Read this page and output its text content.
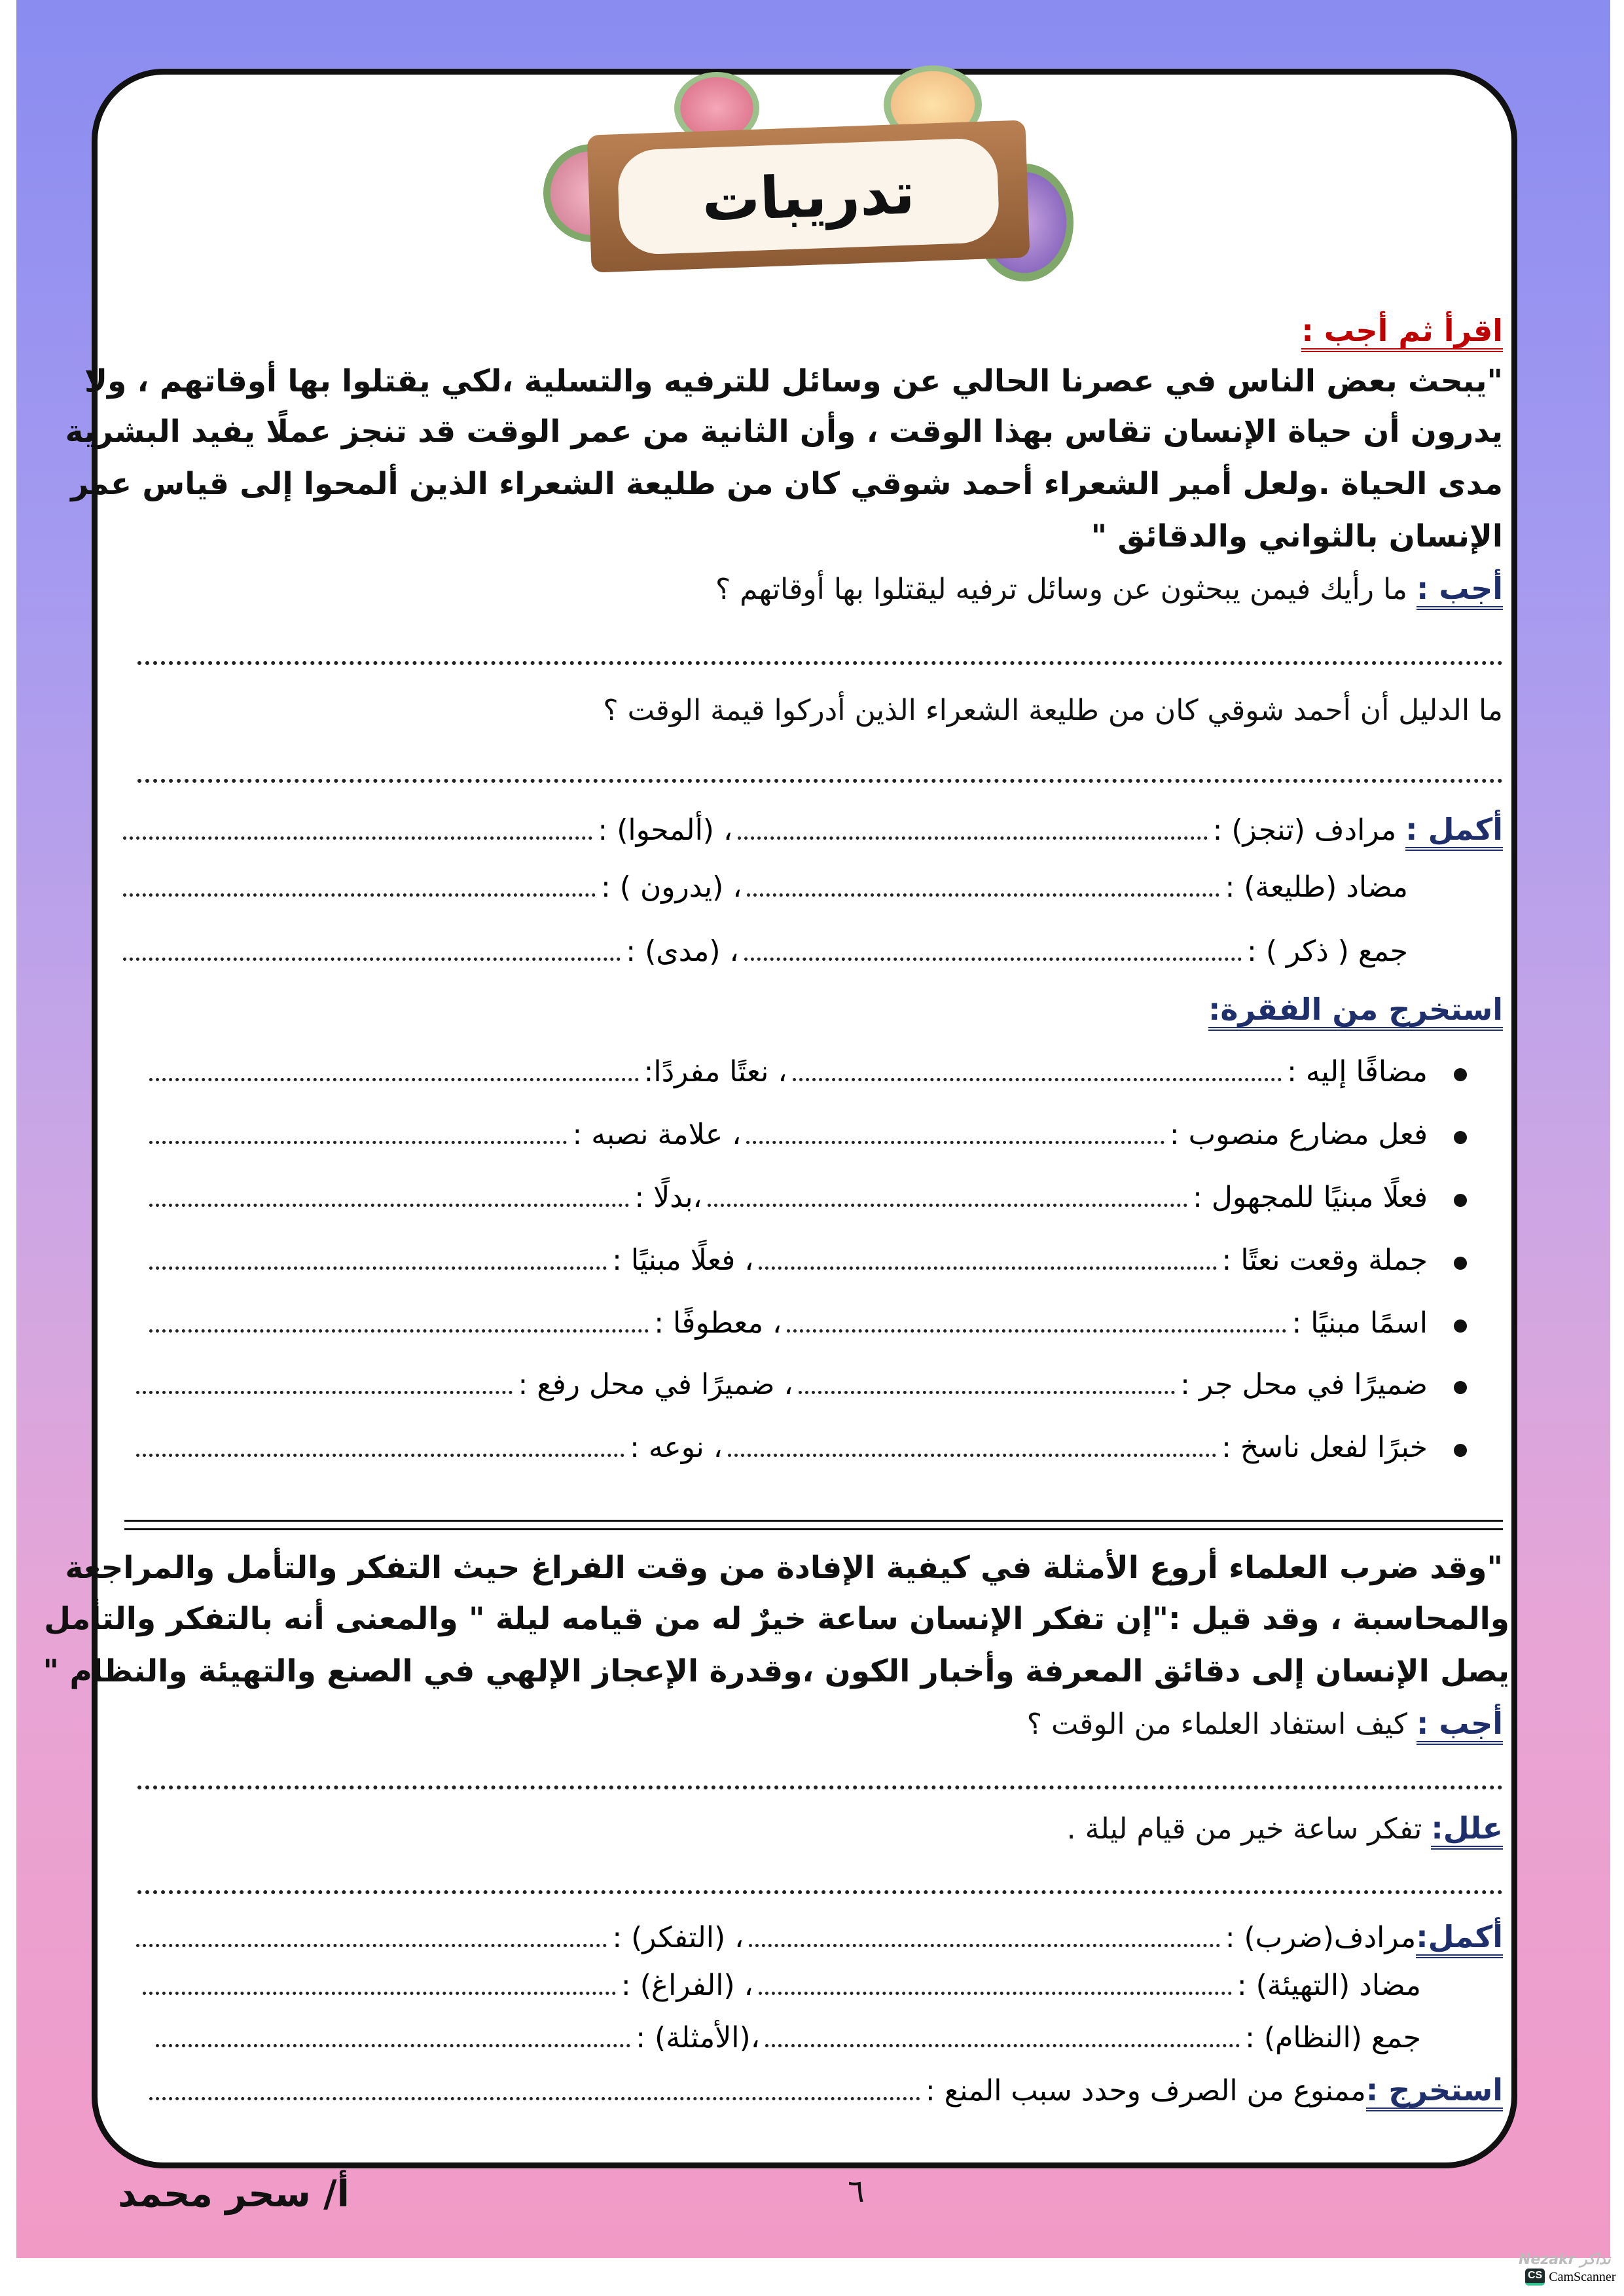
تدريبات
اقرأ ثم أجب :
"يبحث بعض الناس في عصرنا الحالي عن وسائل للترفيه والتسلية ،لكي يقتلوا بها أوقاتهم ، ولا
يدرون أن حياة الإنسان تقاس بهذا الوقت ، وأن الثانية من عمر الوقت قد تنجز عملًا يفيد البشرية
مدى الحياة .ولعل أمير الشعراء أحمد شوقي كان من طليعة الشعراء الذين ألمحوا إلى قياس عمر
الإنسان بالثواني والدقائق "
أجب : ما رأيك فيمن يبحثون عن وسائل ترفيه ليقتلوا بها أوقاتهم ؟
ما الدليل أن أحمد شوقي كان من طليعة الشعراء الذين أدركوا قيمة الوقت ؟
أكمل :

مرادف (تنجز) :
، (ألمحوا) :
مضاد (طليعة) :
، (يدرون ) :
جمع ( ذكر ) :
، (مدى) :
استخرج من الفقرة:
مضافًا إليه :
، نعتًا مفردًا:
فعل مضارع منصوب :
، علامة نصبه :
فعلًا مبنيًا للمجهول :
،بدلًا :
جملة وقعت نعتًا :
، فعلًا مبنيًا :
اسمًا مبنيًا :
، معطوفًا :
ضميرًا في محل جر :
، ضميرًا في محل رفع :
خبرًا لفعل ناسخ :
، نوعه :
"وقد ضرب العلماء أروع الأمثلة في كيفية الإفادة من وقت الفراغ حيث التفكر والتأمل والمراجعة
والمحاسبة ، وقد قيل :"إن تفكر الإنسان ساعة خيرٌ له من قيامه ليلة " والمعنى أنه بالتفكر والتأمل
يصل الإنسان إلى دقائق المعرفة وأخبار الكون ،وقدرة الإعجاز الإلهي في الصنع والتهيئة والنظام "
أجب : كيف استفاد العلماء من الوقت ؟
علل: تفكر ساعة خير من قيام ليلة .
أكمل:
مرادف(ضرب) :
، (التفكر) :
مضاد (التهيئة) :
، (الفراغ) :
جمع (النظام) :
،(الأمثلة) :
استخرج :
ممنوع من الصرف وحدد سبب المنع :
أ/ سحر محمد	٦
Nezakr نذاكر
CS CamScanner
